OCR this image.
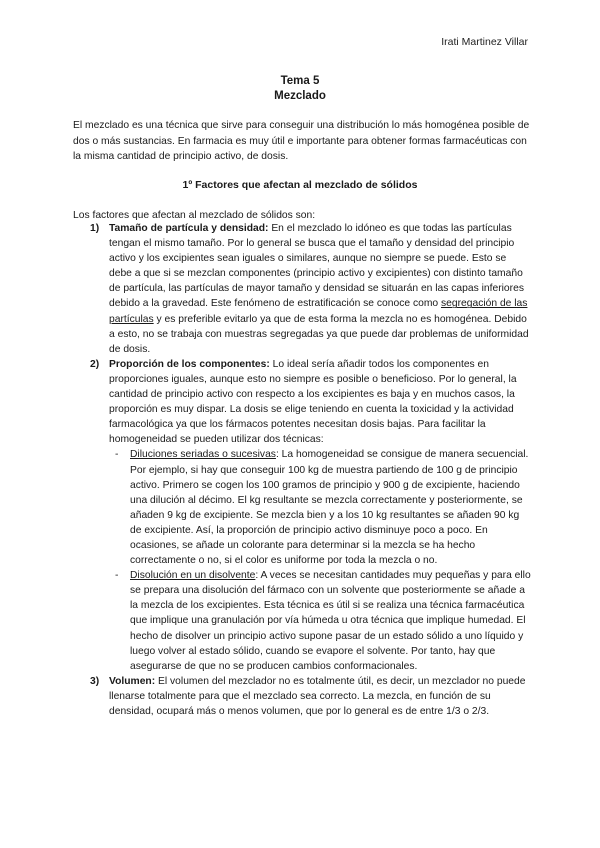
Irati Martinez Villar
Tema 5
Mezclado

El mezclado es una técnica que sirve para conseguir una distribución lo más homogénea posible de dos o más sustancias. En farmacia es muy útil e importante para obtener formas farmacéuticas con la misma cantidad de principio activo, de dosis.

1º Factores que afectan al mezclado de sólidos

Los factores que afectan al mezclado de sólidos son:

1) Tamaño de partícula y densidad: En el mezclado lo idóneo es que todas las partículas tengan el mismo tamaño. Por lo general se busca que el tamaño y densidad del principio activo y los excipientes sean iguales o similares, aunque no siempre se puede. Esto se debe a que si se mezclan componentes (principio activo y excipientes) con distinto tamaño de partícula, las partículas de mayor tamaño y densidad se situarán en las capas inferiores debido a la gravedad. Este fenómeno de estratificación se conoce como segregación de las partículas y es preferible evitarlo ya que de esta forma la mezcla no es homogénea. Debido a esto, no se trabaja con muestras segregadas ya que puede dar problemas de uniformidad de dosis.

2) Proporción de los componentes: Lo ideal sería añadir todos los componentes en proporciones iguales, aunque esto no siempre es posible o beneficioso. Por lo general, la cantidad de principio activo con respecto a los excipientes es baja y en muchos casos, la proporción es muy dispar. La dosis se elige teniendo en cuenta la toxicidad y la actividad farmacológica ya que los fármacos potentes necesitan dosis bajas. Para facilitar la homogeneidad se pueden utilizar dos técnicas:

- Diluciones seriadas o sucesivas: La homogeneidad se consigue de manera secuencial. Por ejemplo, si hay que conseguir 100 kg de muestra partiendo de 100 g de principio activo. Primero se cogen los 100 gramos de principio y 900 g de excipiente, haciendo una dilución al décimo. El kg resultante se mezcla correctamente y posteriormente, se añaden 9 kg de excipiente. Se mezcla bien y a los 10 kg resultantes se añaden 90 kg de excipiente. Así, la proporción de principio activo disminuye poco a poco. En ocasiones, se añade un colorante para determinar si la mezcla se ha hecho correctamente o no, si el color es uniforme por toda la mezcla o no.

- Disolución en un disolvente: A veces se necesitan cantidades muy pequeñas y para ello se prepara una disolución del fármaco con un solvente que posteriormente se añade a la mezcla de los excipientes. Esta técnica es útil si se realiza una técnica farmacéutica que implique una granulación por vía húmeda u otra técnica que implique humedad. El hecho de disolver un principio activo supone pasar de un estado sólido a uno líquido y luego volver al estado sólido, cuando se evapore el solvente. Por tanto, hay que asegurarse de que no se producen cambios conformacionales.

3) Volumen: El volumen del mezclador no es totalmente útil, es decir, un mezclador no puede llenarse totalmente para que el mezclado sea correcto. La mezcla, en función de su densidad, ocupará más o menos volumen, que por lo general es de entre 1/3 o 2/3.
